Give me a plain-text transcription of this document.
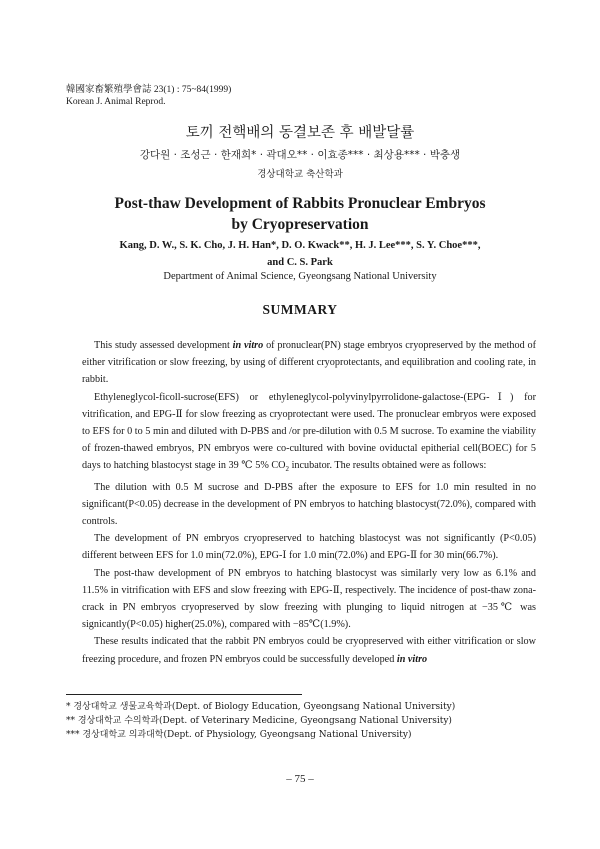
韓國家畜繁殖學會誌 23(1) : 75~84(1999)
Korean J. Animal Reprod.
토끼 전핵배의 동결보존 후 배발달률
강다원 · 조성근 · 한재희* · 곽대오** · 이효종*** · 최상용*** · 박충생
경상대학교 축산학과
Post-thaw Development of Rabbits Pronuclear Embryos
by Cryopreservation
Kang, D. W., S. K. Cho, J. H. Han*, D. O. Kwack**, H. J. Lee***, S. Y. Choe***,
and C. S. Park
Department of Animal Science, Gyeongsang National University
SUMMARY

This study assessed development in vitro of pronuclear(PN) stage embryos cryopreserved by the method of either vitrification or slow freezing, by using of different cryoprotectants, and equilibration and cooling rate, in rabbit.

Ethyleneglycol-ficoll-sucrose(EFS) or ethyleneglycol-polyvinylpyrrolidone-galactose-(EPG-Ⅰ) for vitrification, and EPG-Ⅱ for slow freezing as cryoprotectant were used. The pronuclear embryos were exposed to EFS for 0 to 5 min and diluted with D-PBS and /or pre-dilution with 0.5 M sucrose. To examine the viability of frozen-thawed embryos, PN embryos were co-cultured with bovine oviductal epitherial cell(BOEC) for 5 days to hatching blastocyst stage in 39 ℃ 5% $CO_2$ incubator. The results obtained were as follows:

The dilution with 0.5 M sucrose and D-PBS after the exposure to EFS for 1.0 min resulted in no significant(P<0.05) decrease in the development of PN embryos to hatching blastocyst(72.0%), compared with controls.

The development of PN embryos cryopreserved to hatching blastocyst was not significantly (P<0.05) different between EFS for 1.0 min(72.0%), EPG-Ⅰ for 1.0 min(72.0%) and EPG-Ⅱ for 30 min(66.7%).

The post-thaw development of PN embryos to hatching blastocyst was similarly very low as 6.1% and 11.5% in vitrification with EFS and slow freezing with EPG-Ⅱ, respectively. The incidence of post-thaw zona-crack in PN embryos cryopreserved by slow freezing with plunging to liquid nitrogen at −35℃ was signicantly(P<0.05) higher(25.0%), compared with −85℃(1.9%).

These results indicated that the rabbit PN embryos could be cryopreserved with either vitrification or slow freezing procedure, and frozen PN embryos could be successfully developed in vitro

* 경상대학교 생물교육학과(Dept. of Biology Education, Gyeongsang National University)
** 경상대학교 수의학과(Dept. of Veterinary Medicine, Gyeongsang National University)
*** 경상대학교 의과대학(Dept. of Physiology, Gyeongsang National University)
– 75 –
